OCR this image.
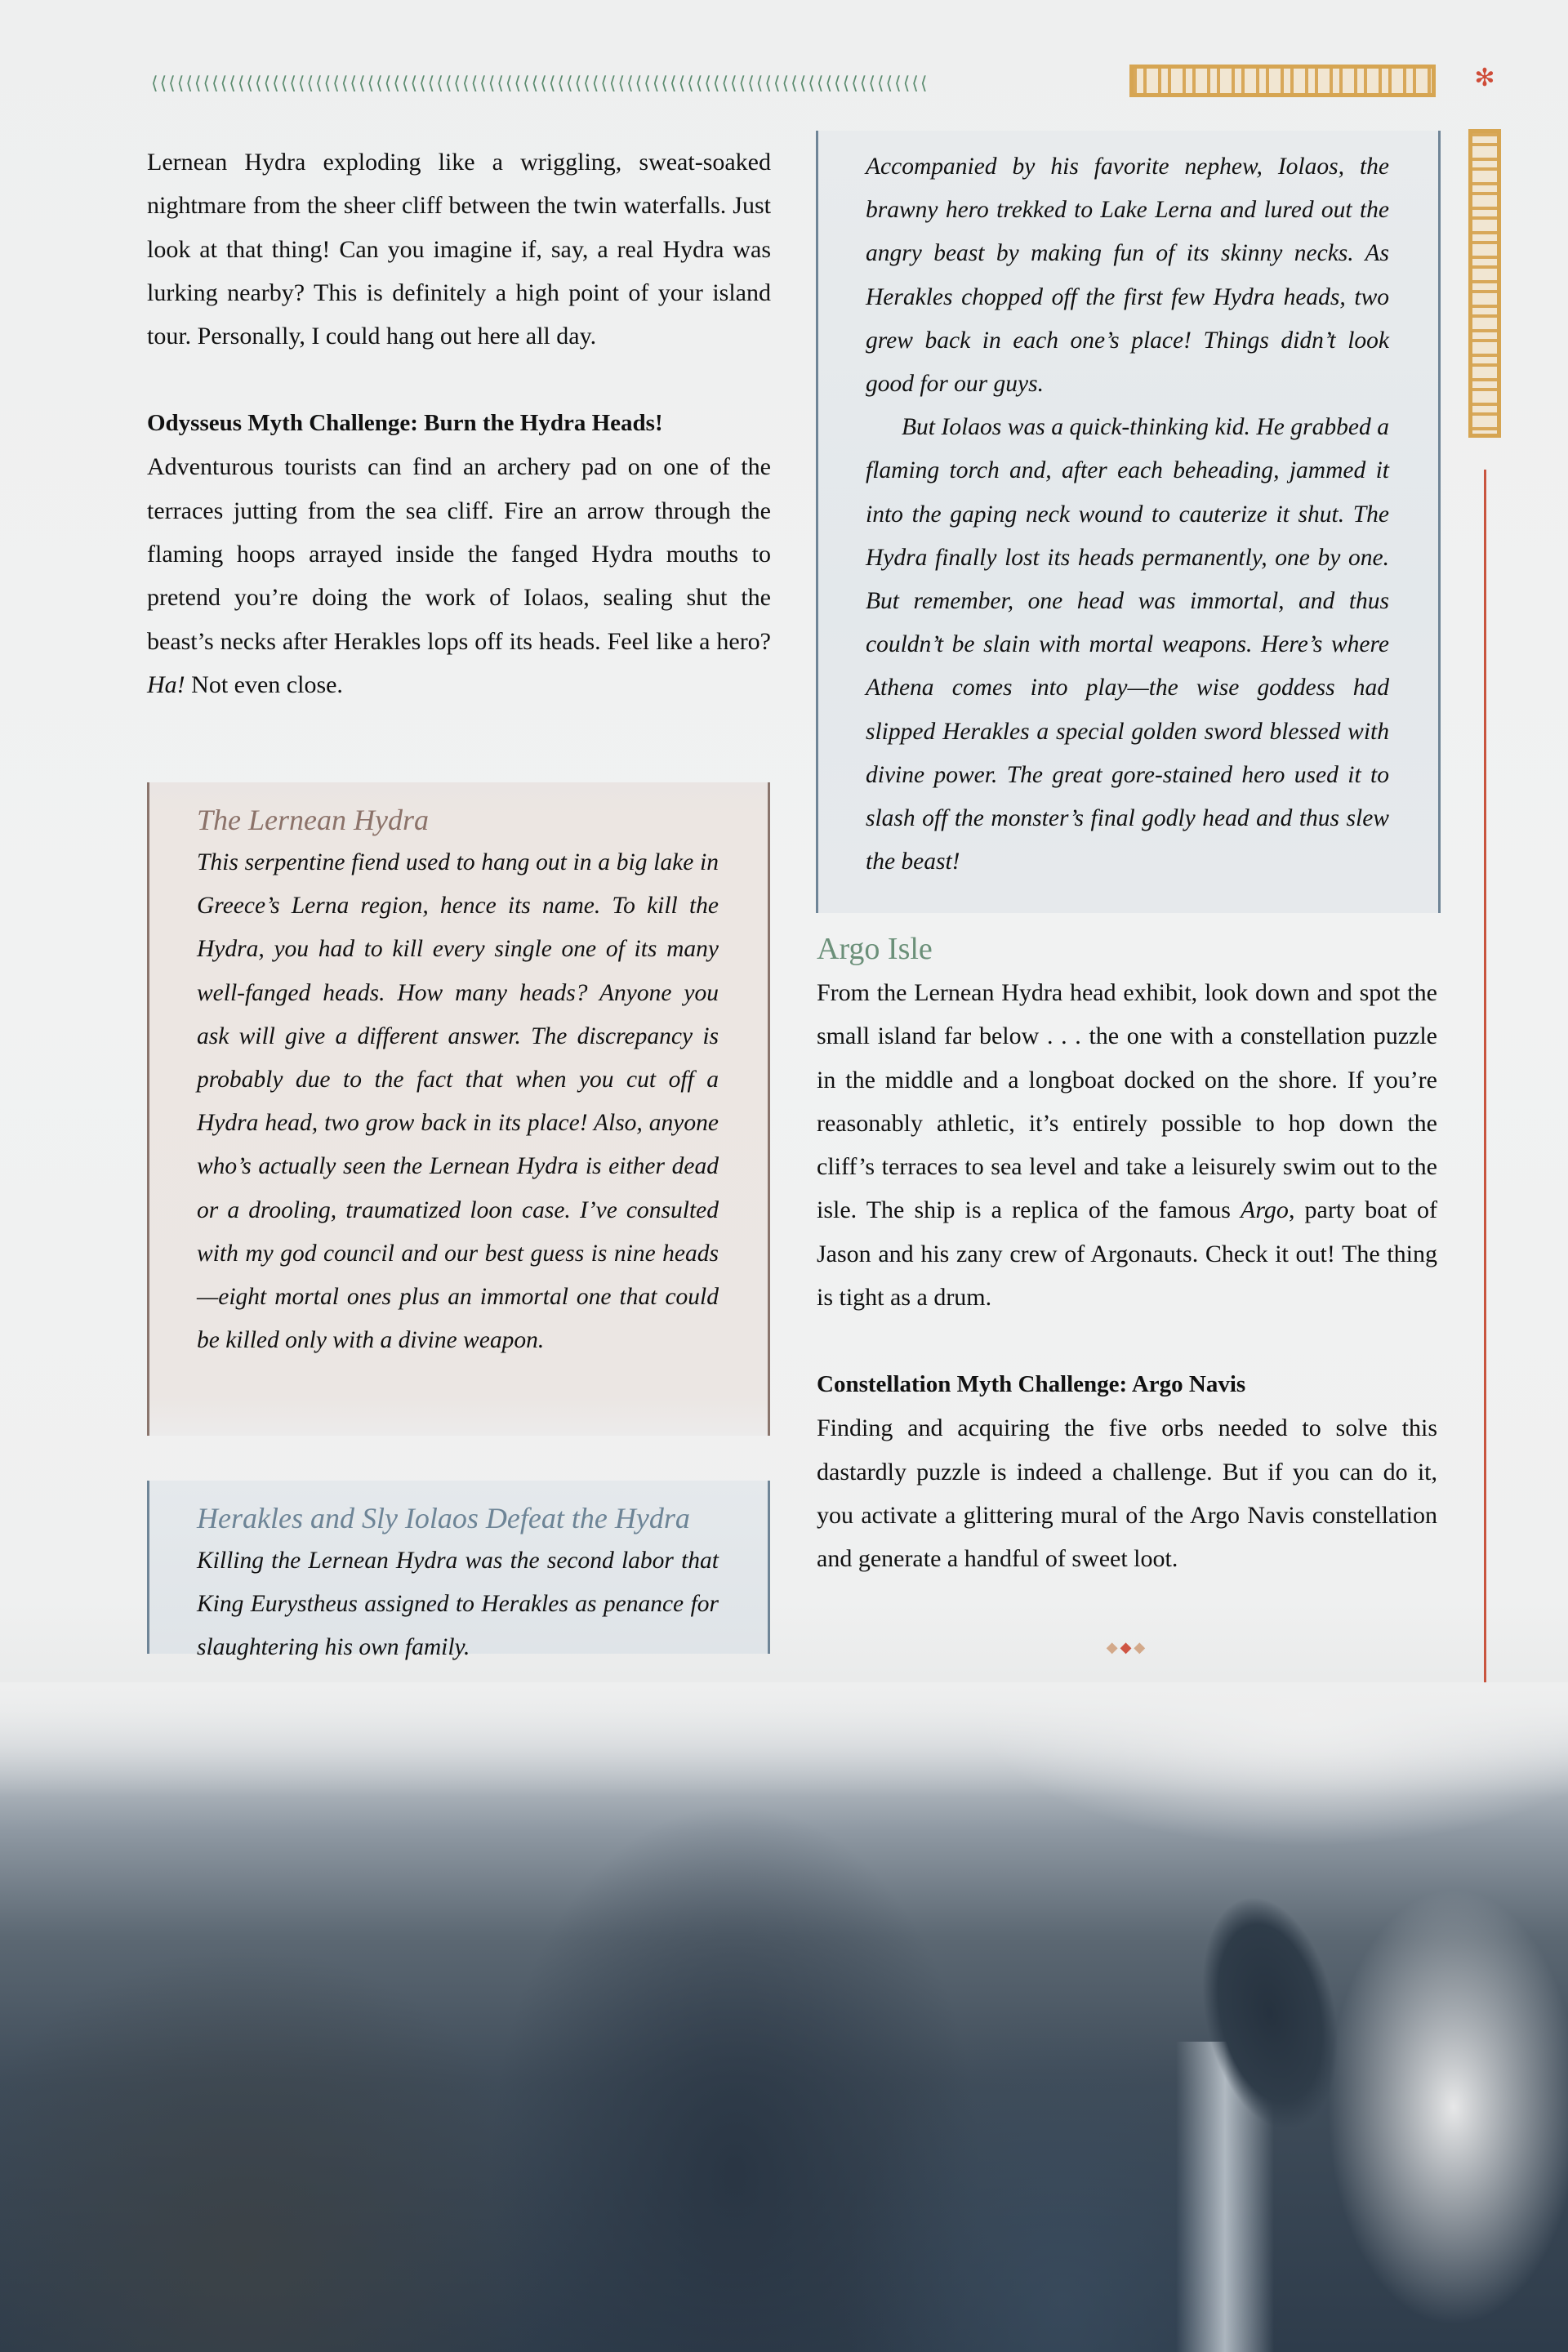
⟨⟨⟨⟨⟨⟨⟨⟨⟨⟨⟨⟨⟨⟨⟨⟨⟨⟨⟨⟨⟨⟨⟨⟨⟨⟨⟨⟨⟨⟨⟨⟨⟨⟨⟨⟨⟨⟨⟨⟨⟨⟨⟨⟨⟨⟨⟨⟨⟨⟨⟨⟨⟨⟨⟨⟨⟨⟨⟨⟨⟨⟨⟨⟨⟨⟨⟨⟨⟨⟨⟨⟨⟨⟨⟨⟨⟨⟨⟨⟨⟨⟨⟨⟨⟨⟨⟨⟨⟨⟨	✻

Lernean Hydra exploding like a wriggling, sweat-soaked nightmare from the sheer cliff between the twin waterfalls. Just look at that thing! Can you imagine if, say, a real Hydra was lurking nearby? This is definitely a high point of your island tour. Personally, I could hang out here all day.

Odysseus Myth Challenge: Burn the Hydra Heads!

Adventurous tourists can find an archery pad on one of the terraces jutting from the sea cliff. Fire an arrow through the flaming hoops arrayed inside the fanged Hydra mouths to pretend you’re doing the work of Iolaos, sealing shut the beast’s necks after Herakles lops off its heads. Feel like a hero? Ha! Not even close.

The Lernean Hydra

This serpentine fiend used to hang out in a big lake in Greece’s Lerna region, hence its name. To kill the Hydra, you had to kill every single one of its many well-fanged heads. How many heads? Anyone you ask will give a different answer. The discrepancy is probably due to the fact that when you cut off a Hydra head, two grow back in its place! Also, anyone who’s actually seen the Lernean Hydra is either dead or a drooling, traumatized loon case. I’ve consulted with my god council and our best guess is nine heads—eight mortal ones plus an immortal one that could be killed only with a divine weapon.

Herakles and Sly Iolaos Defeat the Hydra

Killing the Lernean Hydra was the second labor that King Eurystheus assigned to Herakles as penance for slaughtering his own family.

Accompanied by his favorite nephew, Iolaos, the brawny hero trekked to Lake Lerna and lured out the angry beast by making fun of its skinny necks. As Herakles chopped off the first few Hydra heads, two grew back in each one’s place! Things didn’t look good for our guys.

But Iolaos was a quick-thinking kid. He grabbed a flaming torch and, after each beheading, jammed it into the gaping neck wound to cauterize it shut. The Hydra finally lost its heads permanently, one by one. But remember, one head was immortal, and thus couldn’t be slain with mortal weapons. Here’s where Athena comes into play—the wise goddess had slipped Herakles a special golden sword blessed with divine power. The great gore-stained hero used it to slash off the monster’s final godly head and thus slew the beast!

Argo Isle

From the Lernean Hydra head exhibit, look down and spot the small island far below . . . the one with a constellation puzzle in the middle and a longboat docked on the shore. If you’re reasonably athletic, it’s entirely possible to hop down the cliff’s terraces to sea level and take a leisurely swim out to the isle. The ship is a replica of the famous Argo, party boat of Jason and his zany crew of Argonauts. Check it out! The thing is tight as a drum.

Constellation Myth Challenge: Argo Navis

Finding and acquiring the five orbs needed to solve this dastardly puzzle is indeed a challenge. But if you can do it, you activate a glittering mural of the Argo Navis constellation and generate a handful of sweet loot.

◆◆◆
